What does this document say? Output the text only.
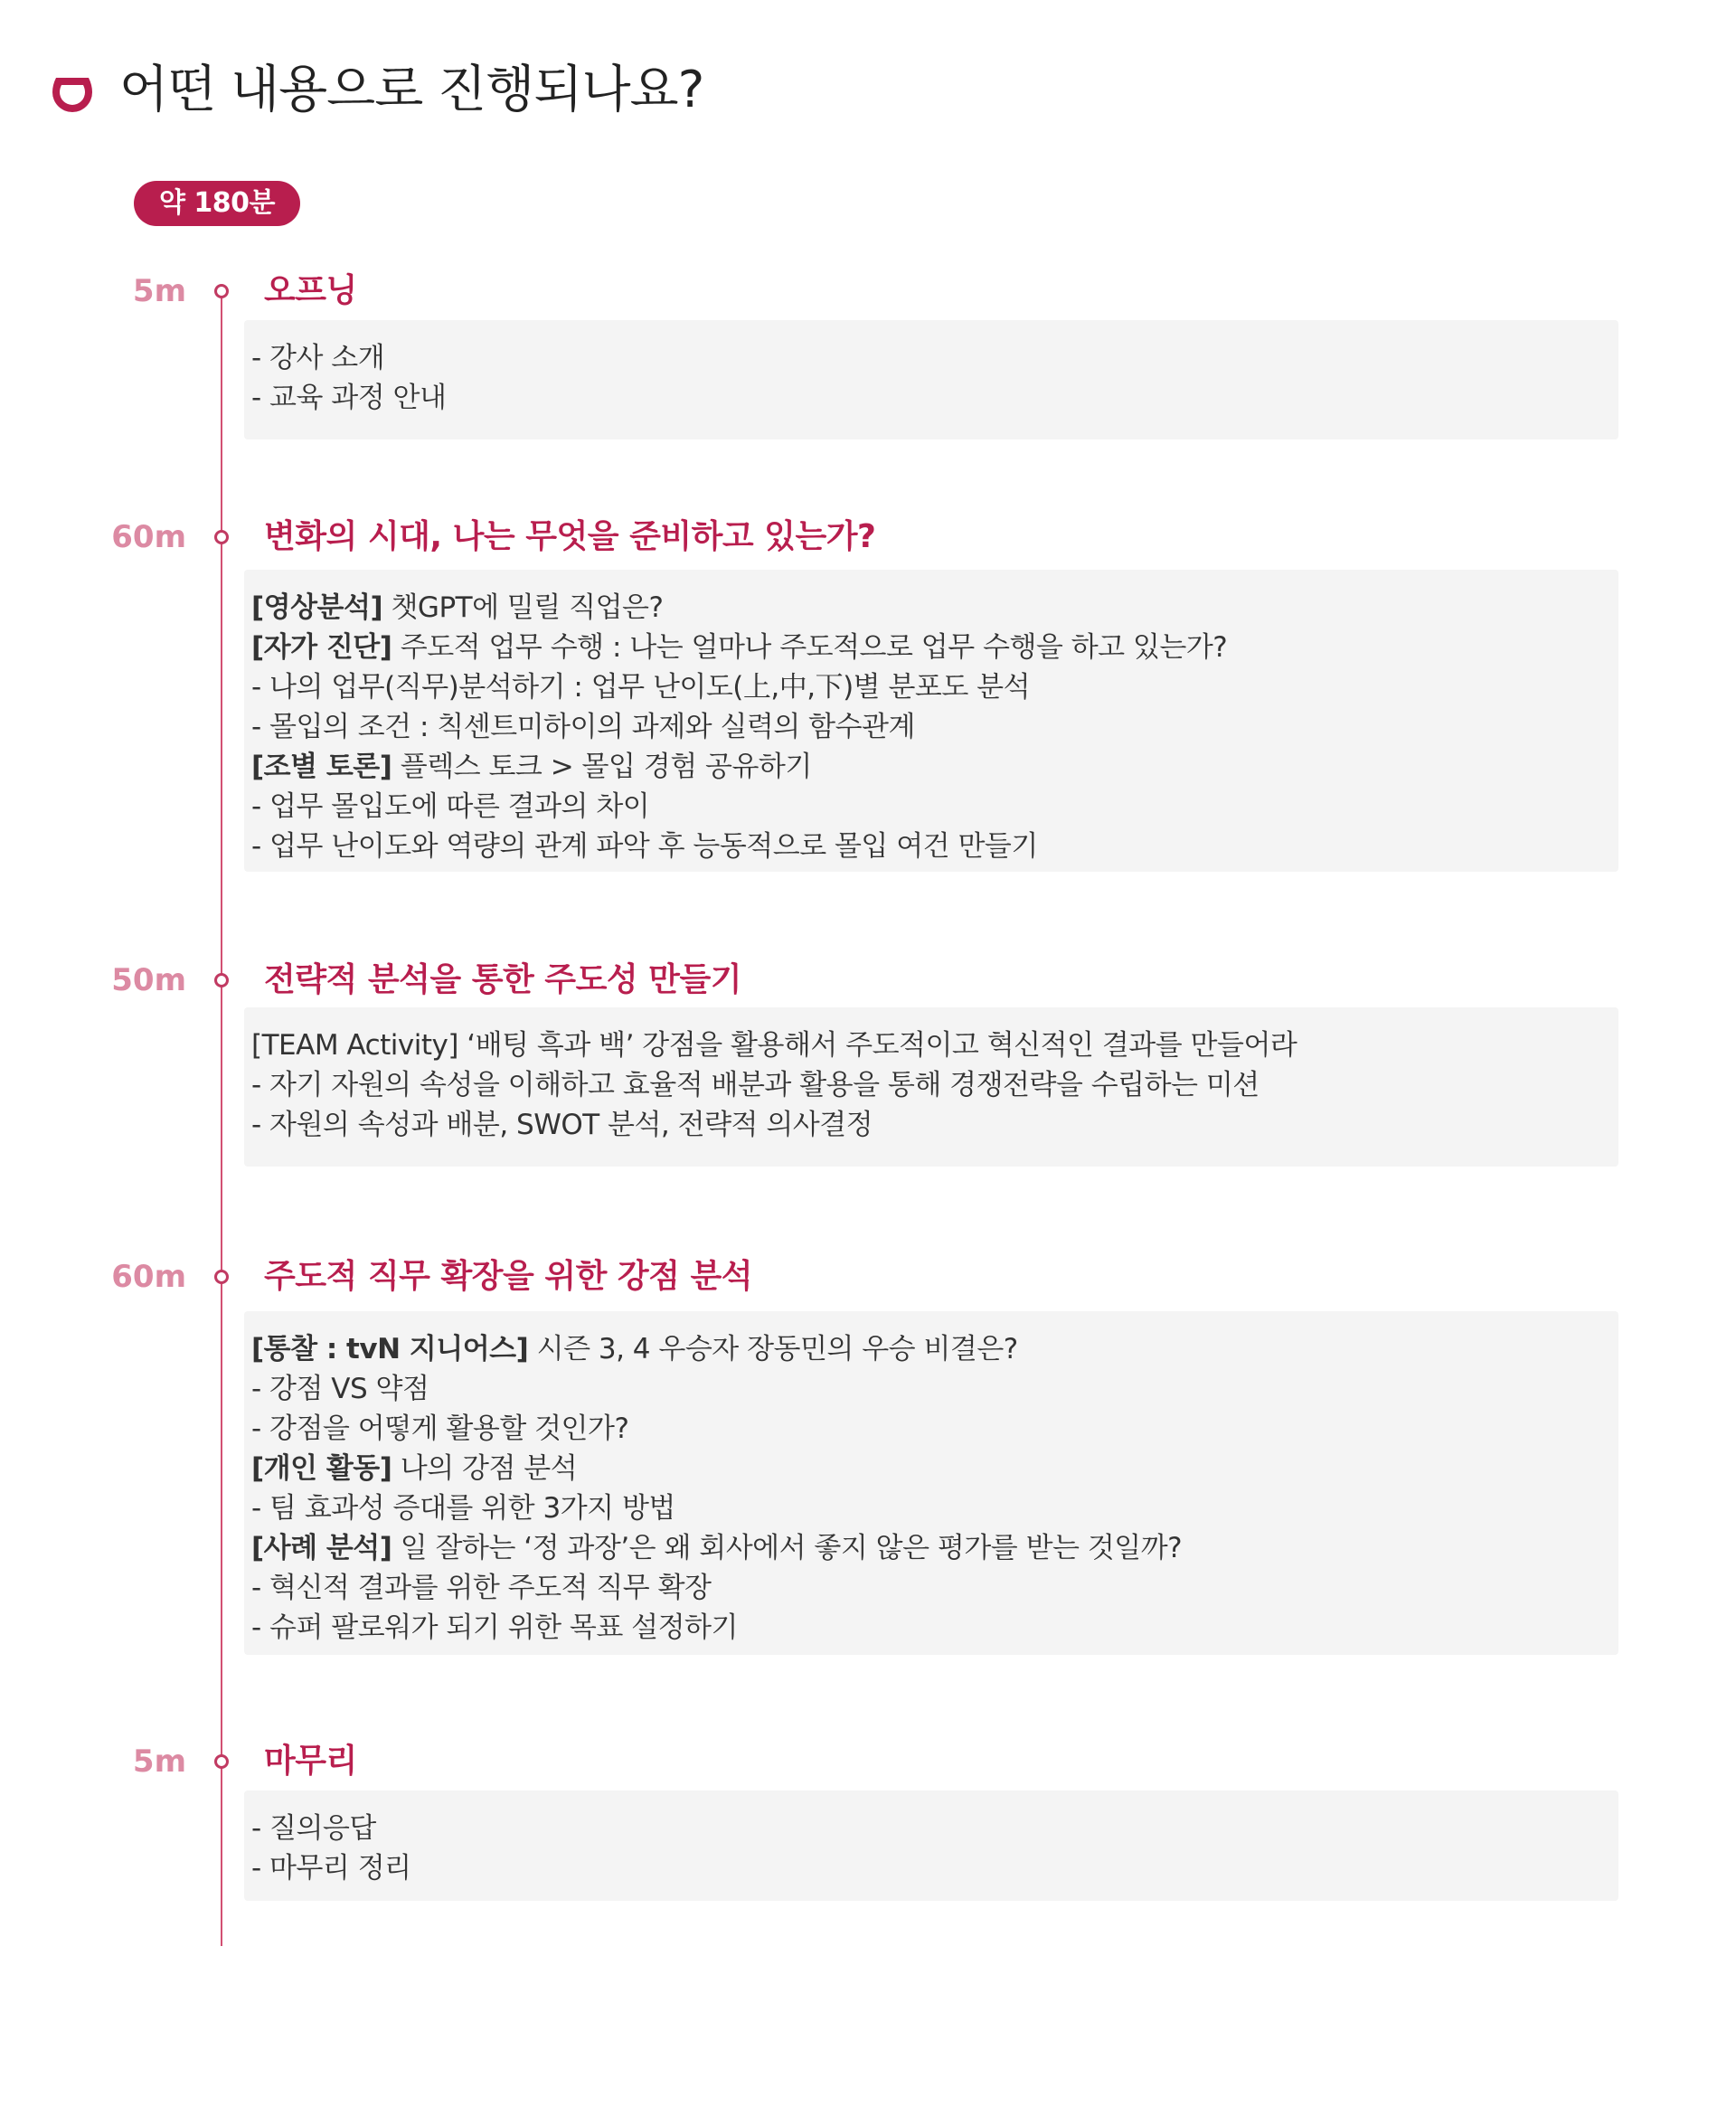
어떤 내용으로 진행되나요?
약 180분
5m 오프닝
- 강사 소개
- 교육 과정 안내
60m 변화의 시대, 나는 무엇을 준비하고 있는가?
[영상분석] 챗GPT에 밀릴 직업은?
[자가 진단] 주도적 업무 수행 : 나는 얼마나 주도적으로 업무 수행을 하고 있는가?
- 나의 업무(직무)분석하기 : 업무 난이도(上,中,下)별 분포도 분석
- 몰입의 조건 : 칙센트미하이의 과제와 실력의 함수관계
[조별 토론] 플렉스 토크 > 몰입 경험 공유하기
- 업무 몰입도에 따른 결과의 차이
- 업무 난이도와 역량의 관계 파악 후 능동적으로 몰입 여건 만들기
50m 전략적 분석을 통한 주도성 만들기
[TEAM Activity] ‘배팅 흑과 백’ 강점을 활용해서 주도적이고 혁신적인 결과를 만들어라
- 자기 자원의 속성을 이해하고 효율적 배분과 활용을 통해 경쟁전략을 수립하는 미션
- 자원의 속성과 배분, SWOT 분석, 전략적 의사결정
60m 주도적 직무 확장을 위한 강점 분석
[통찰 : tvN 지니어스] 시즌 3, 4 우승자 장동민의 우승 비결은?
- 강점 VS 약점
- 강점을 어떻게 활용할 것인가?
[개인 활동] 나의 강점 분석
- 팀 효과성 증대를 위한 3가지 방법
[사례 분석] 일 잘하는 ‘정 과장’은 왜 회사에서 좋지 않은 평가를 받는 것일까?
- 혁신적 결과를 위한 주도적 직무 확장
- 슈퍼 팔로워가 되기 위한 목표 설정하기
5m 마무리
- 질의응답
- 마무리 정리
